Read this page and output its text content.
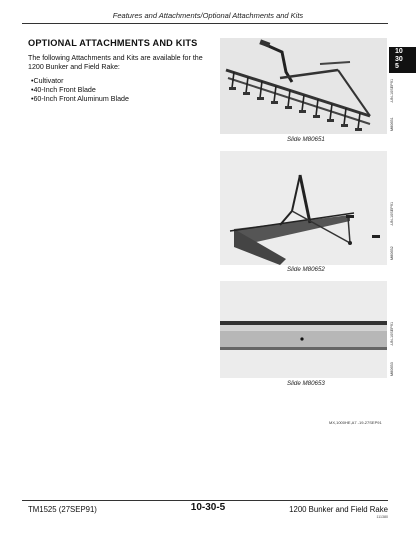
Features and Attachments/Optional Attachments and Kits
OPTIONAL ATTACHMENTS AND KITS
The following Attachments and Kits are available for the 1200 Bunker and Field Rake:
•Cultivator
•40-Inch Front Blade
•60-Inch Front Aluminum Blade
10
30
5
-UN-10SEP91
M80651
Slide M80651
-UN-10SEP91
M80652
Slide M80652
-UN-10SEP91
M80653
Slide M80653
MX,1000HE,A7 -19-27SEP91
TM1525 (27SEP91)	10-30-5	1200 Bunker and Field Rake
111380
